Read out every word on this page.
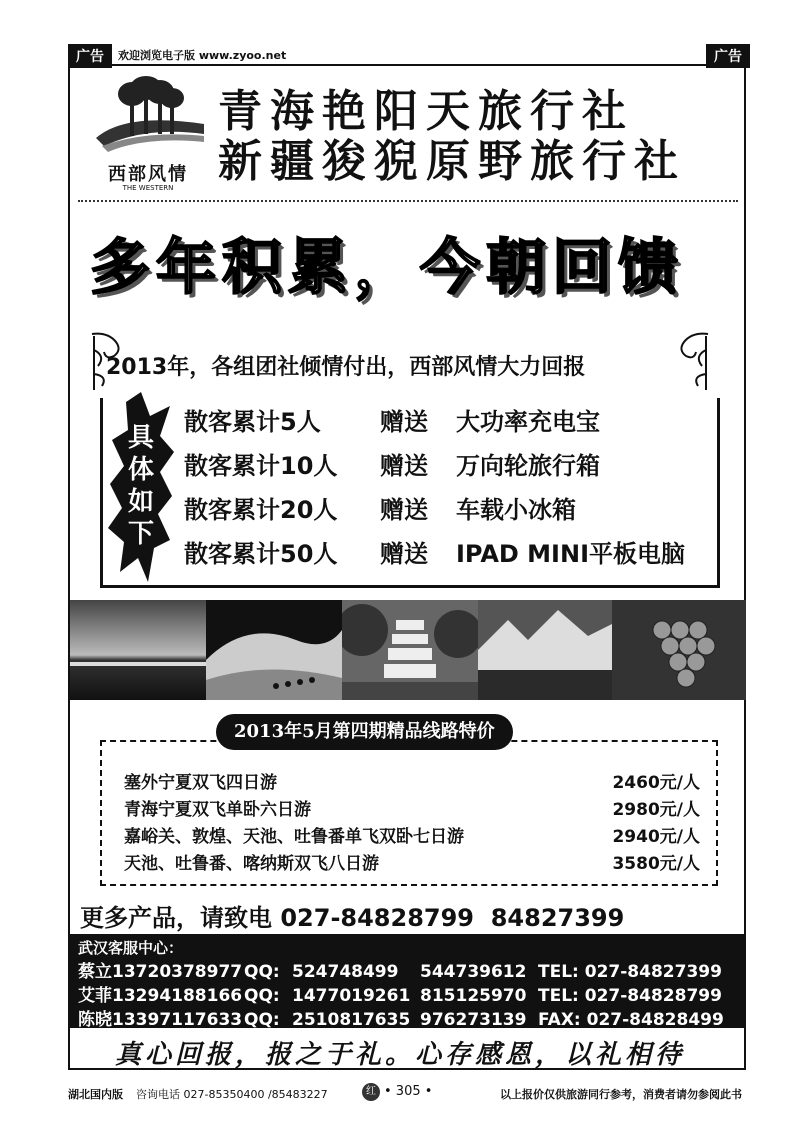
广告	欢迎浏览电子版 www.zyoo.net	广告
西部风情
THE WESTERN
青海艳阳天旅行社
新疆狻猊原野旅行社
多年积累，今朝回馈
2013年，各组团社倾情付出，西部风情大力回报
具体如下
散客累计5人 赠送 大功率充电宝
散客累计10人 赠送 万向轮旅行箱
散客累计20人 赠送 车载小冰箱
散客累计50人 赠送 IPAD MINI平板电脑
2013年5月第四期精品线路特价
塞外宁夏双飞四日游	2460元/人
青海宁夏双飞单卧六日游	2980元/人
嘉峪关、敦煌、天池、吐鲁番单飞双卧七日游	2940元/人
天池、吐鲁番、喀纳斯双飞八日游	3580元/人
更多产品，请致电 027-84828799  84827399
武汉客服中心：
蔡立13720378977 QQ: 524748499 544739612 TEL: 027-84827399
艾菲13294188166 QQ: 1477019261 815125970 TEL: 027-84828799
陈晓13397117633 QQ: 2510817635 976273139 FAX: 027-84828499
真心回报，报之于礼。心存感恩，以礼相待
湖北国内版 咨询电话 027-85350400 /85483227	红 • 305 •	以上报价仅供旅游同行参考，消费者请勿参阅此书
